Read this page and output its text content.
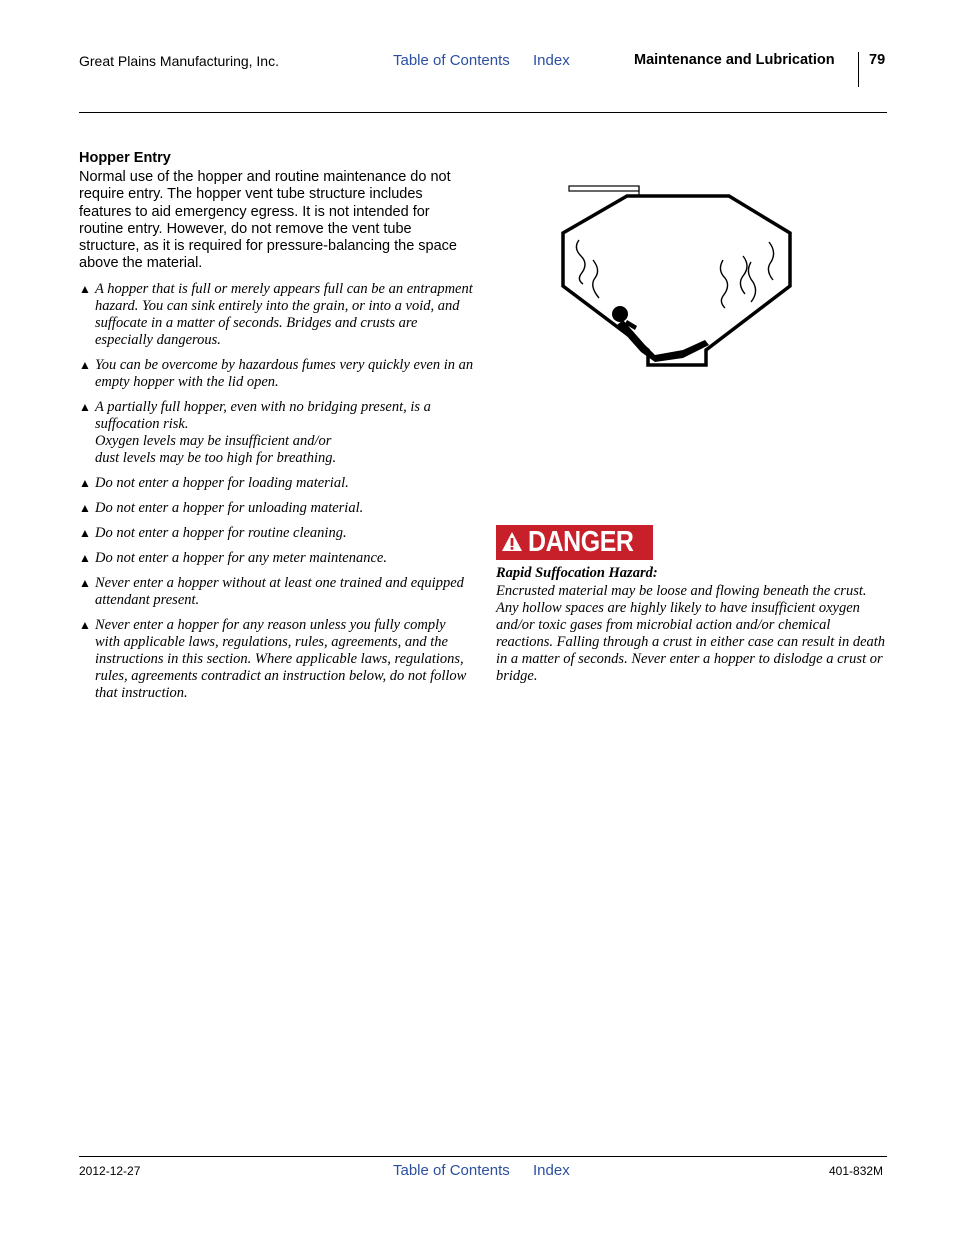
Great Plains Manufacturing, Inc.	Table of Contents Index	Maintenance and Lubrication 79
Hopper Entry
Normal use of the hopper and routine maintenance do not require entry. The hopper vent tube structure includes features to aid emergency egress. It is not intended for routine entry. However, do not remove the vent tube structure, as it is required for pressure-balancing the space above the material.
▲ A hopper that is full or merely appears full can be an entrapment hazard. You can sink entirely into the grain, or into a void, and suffocate in a matter of seconds. Bridges and crusts are especially dangerous.
▲ You can be overcome by hazardous fumes very quickly even in an empty hopper with the lid open.
▲ A partially full hopper, even with no bridging present, is a suffocation risk.
Oxygen levels may be insufficient and/or
dust levels may be too high for breathing.
▲ Do not enter a hopper for loading material.
▲ Do not enter a hopper for unloading material.
▲ Do not enter a hopper for routine cleaning.
▲ Do not enter a hopper for any meter maintenance.
▲ Never enter a hopper without at least one trained and equipped attendant present.
▲ Never enter a hopper for any reason unless you fully comply with applicable laws, regulations, rules, agreements, and the instructions in this section. Where applicable laws, regulations, rules, agreements contradict an instruction below, do not follow that instruction.
DANGER
Rapid Suffocation Hazard:
Encrusted material may be loose and flowing beneath the crust. Any hollow spaces are highly likely to have insufficient oxygen and/or toxic gases from microbial action and/or chemical reactions. Falling through a crust in either case can result in death in a matter of seconds. Never enter a hopper to dislodge a crust or bridge.
2012-12-27	Table of Contents Index	401-832M
